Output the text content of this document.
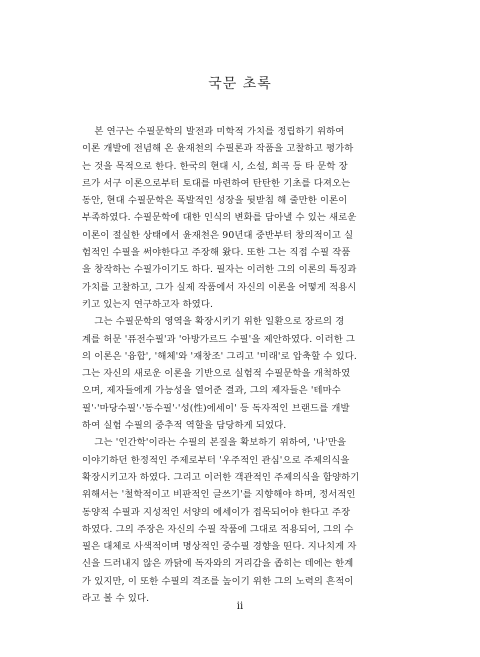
국문 초록
본 연구는 수필문학의 발전과 미학적 가치를 정립하기 위하여
이론 개발에 전념해 온 윤재천의 수필론과 작품을 고찰하고 평가하
는 것을 목적으로 한다. 한국의 현대 시, 소설, 희곡 등 타 문학 장
르가 서구 이론으로부터 토대를 마련하여 탄탄한 기초를 다져오는
동안, 현대 수필문학은 폭발적인 성장을 뒷받침 해 줄만한 이론이
부족하였다. 수필문학에 대한 인식의 변화를 담아낼 수 있는 새로운
이론이 절실한 상태에서 윤재천은 90년대 중반부터 창의적이고 실
험적인 수필을 써야한다고 주장해 왔다. 또한 그는 직접 수필 작품
을 창작하는 수필가이기도 하다. 필자는 이러한 그의 이론의 특징과
가치를 고찰하고, 그가 실제 작품에서 자신의 이론을 어떻게 적용시
키고 있는지 연구하고자 하였다.
그는 수필문학의 영역을 확장시키기 위한 일환으로 장르의 경
계를 허문 '퓨전수필'과 '아방가르드 수필'을 제안하였다. 이러한 그
의 이론은 '융합', '해체'와 '재창조' 그리고 '미래'로 압축할 수 있다.
그는 자신의 새로운 이론을 기반으로 실험적 수필문학을 개척하였
으며, 제자들에게 가능성을 열어준 결과, 그의 제자들은 '테마수
필'·'마당수필'·'동수필'·'성(性)에세이' 등 독자적인 브랜드를 개발
하여 실험 수필의 중추적 역할을 담당하게 되었다.
그는 '인간학'이라는 수필의 본질을 확보하기 위하여, '나'만을
이야기하던 한정적인 주제로부터 '우주적인 관심'으로 주제의식을
확장시키고자 하였다. 그리고 이러한 객관적인 주제의식을 함양하기
위해서는 '철학적이고 비판적인 글쓰기'를 지향해야 하며, 정서적인
동양적 수필과 지성적인 서양의 에세이가 접목되어야 한다고 주장
하였다. 그의 주장은 자신의 수필 작품에 그대로 적용되어, 그의 수
필은 대체로 사색적이며 명상적인 중수필 경향을 띤다. 지나치게 자
신을 드러내지 않은 까닭에 독자와의 거리감을 좁히는 데에는 한계
가 있지만, 이 또한 수필의 격조를 높이기 위한 그의 노력의 흔적이
라고 볼 수 있다.
ii
